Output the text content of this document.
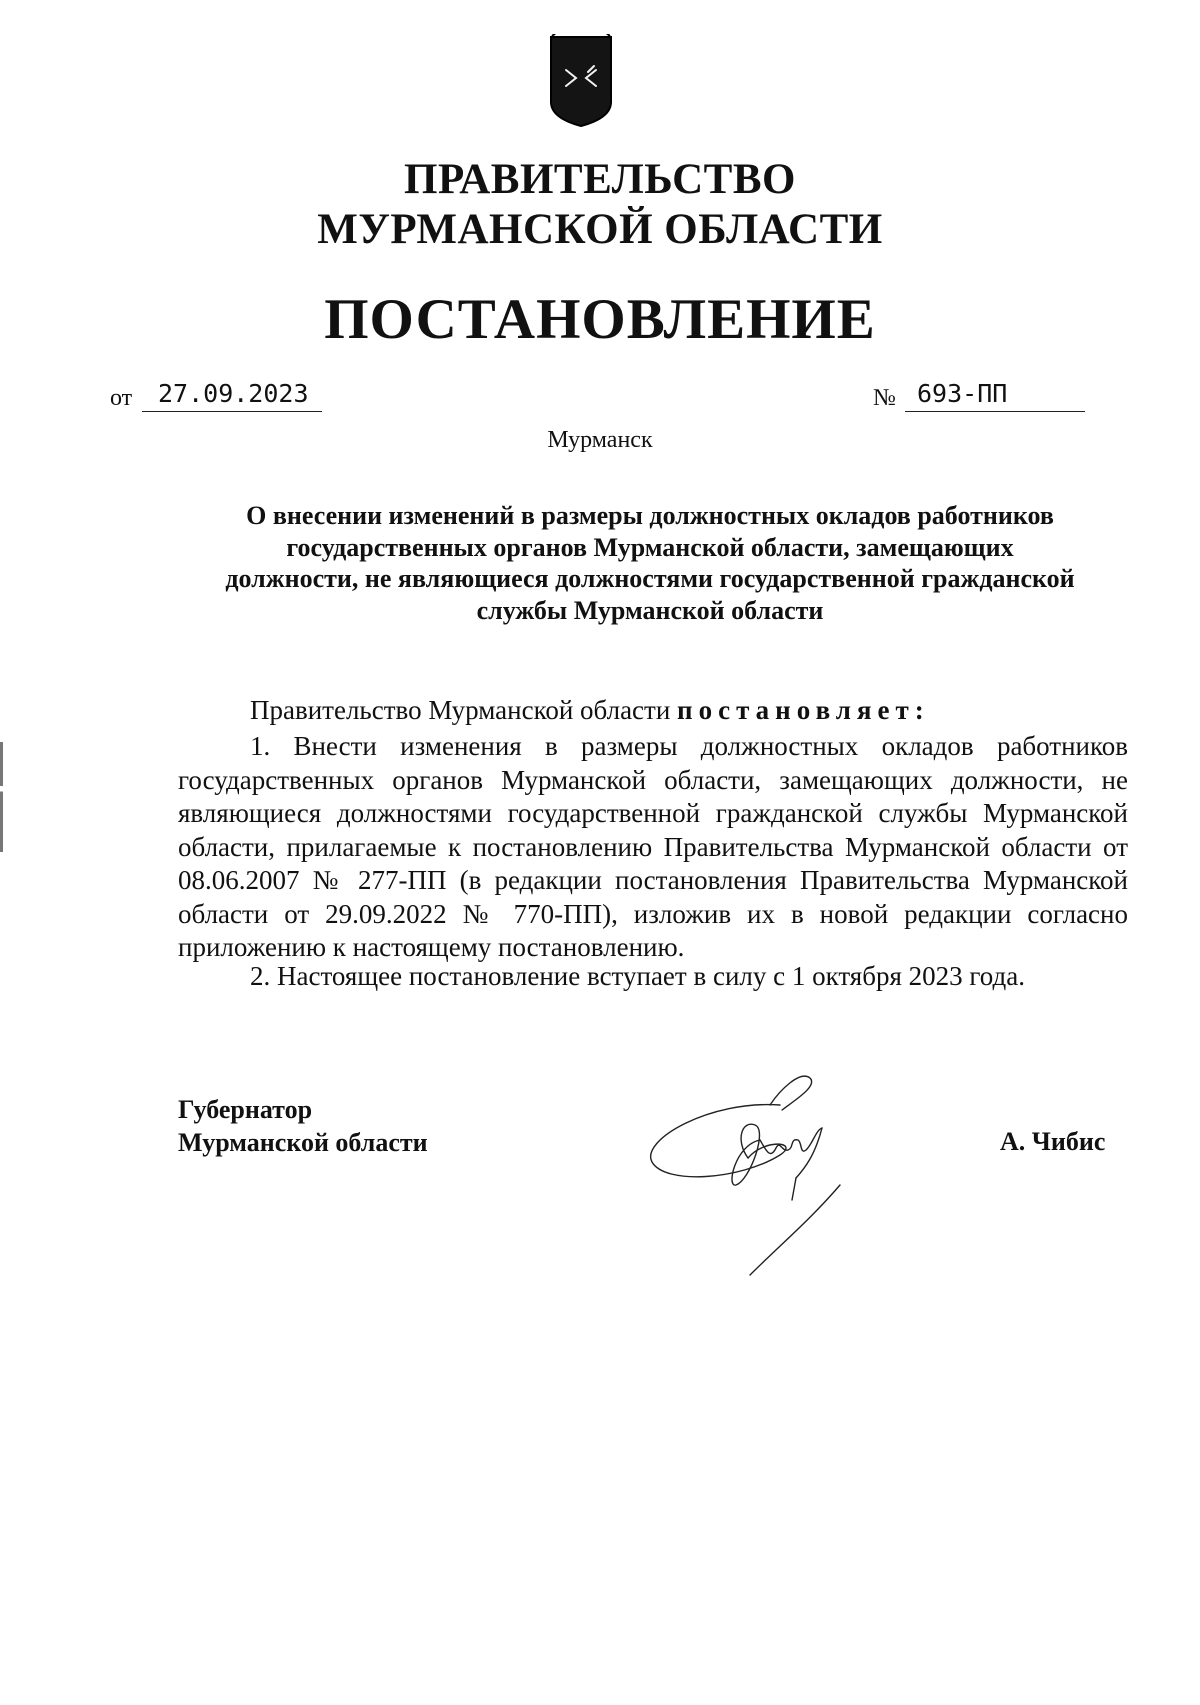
ПРАВИТЕЛЬСТВО
МУРМАНСКОЙ ОБЛАСТИ
ПОСТАНОВЛЕНИЕ
от	27.09.2023	№ 693-ПП
Мурманск
О внесении изменений в размеры должностных окладов работников
государственных органов Мурманской области, замещающих
должности, не являющиеся должностями государственной гражданской
службы Мурманской области
Правительство Мурманской области постановляет:
1. Внести изменения в размеры должностных окладов работников государственных органов Мурманской области, замещающих должности, не являющиеся должностями государственной гражданской службы Мурманской области, прилагаемые к постановлению Правительства Мурманской области от 08.06.2007 № 277-ПП (в редакции постановления Правительства Мурманской области от 29.09.2022 № 770-ПП), изложив их в новой редакции согласно приложению к настоящему постановлению.
2. Настоящее постановление вступает в силу с 1 октября 2023 года.
Губернатор
Мурманской области	А. Чибис
